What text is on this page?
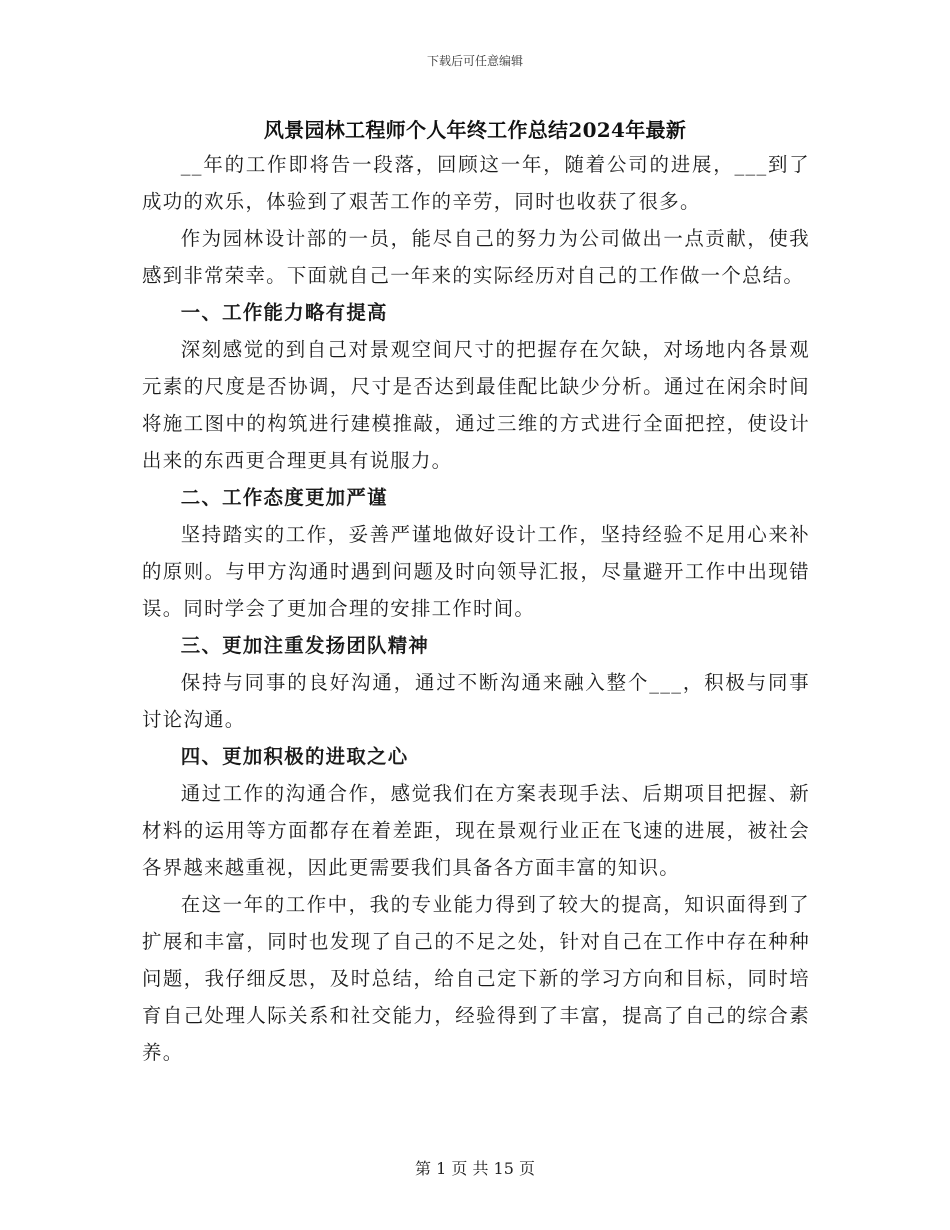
下载后可任意编辑
风景园林工程师个人年终工作总结2024年最新

__年的工作即将告一段落，回顾这一年，随着公司的进展，___到了成功的欢乐，体验到了艰苦工作的辛劳，同时也收获了很多。

作为园林设计部的一员，能尽自己的努力为公司做出一点贡献，使我感到非常荣幸。下面就自己一年来的实际经历对自己的工作做一个总结。

一、工作能力略有提高

深刻感觉的到自己对景观空间尺寸的把握存在欠缺，对场地内各景观元素的尺度是否协调，尺寸是否达到最佳配比缺少分析。通过在闲余时间将施工图中的构筑进行建模推敲，通过三维的方式进行全面把控，使设计出来的东西更合理更具有说服力。

二、工作态度更加严谨

坚持踏实的工作，妥善严谨地做好设计工作，坚持经验不足用心来补的原则。与甲方沟通时遇到问题及时向领导汇报，尽量避开工作中出现错误。同时学会了更加合理的安排工作时间。

三、更加注重发扬团队精神

保持与同事的良好沟通，通过不断沟通来融入整个___，积极与同事讨论沟通。

四、更加积极的进取之心

通过工作的沟通合作，感觉我们在方案表现手法、后期项目把握、新材料的运用等方面都存在着差距，现在景观行业正在飞速的进展，被社会各界越来越重视，因此更需要我们具备各方面丰富的知识。

在这一年的工作中，我的专业能力得到了较大的提高，知识面得到了扩展和丰富，同时也发现了自己的不足之处，针对自己在工作中存在种种问题，我仔细反思，及时总结，给自己定下新的学习方向和目标，同时培育自己处理人际关系和社交能力，经验得到了丰富，提高了自己的综合素养。

第 1 页 共 15 页
